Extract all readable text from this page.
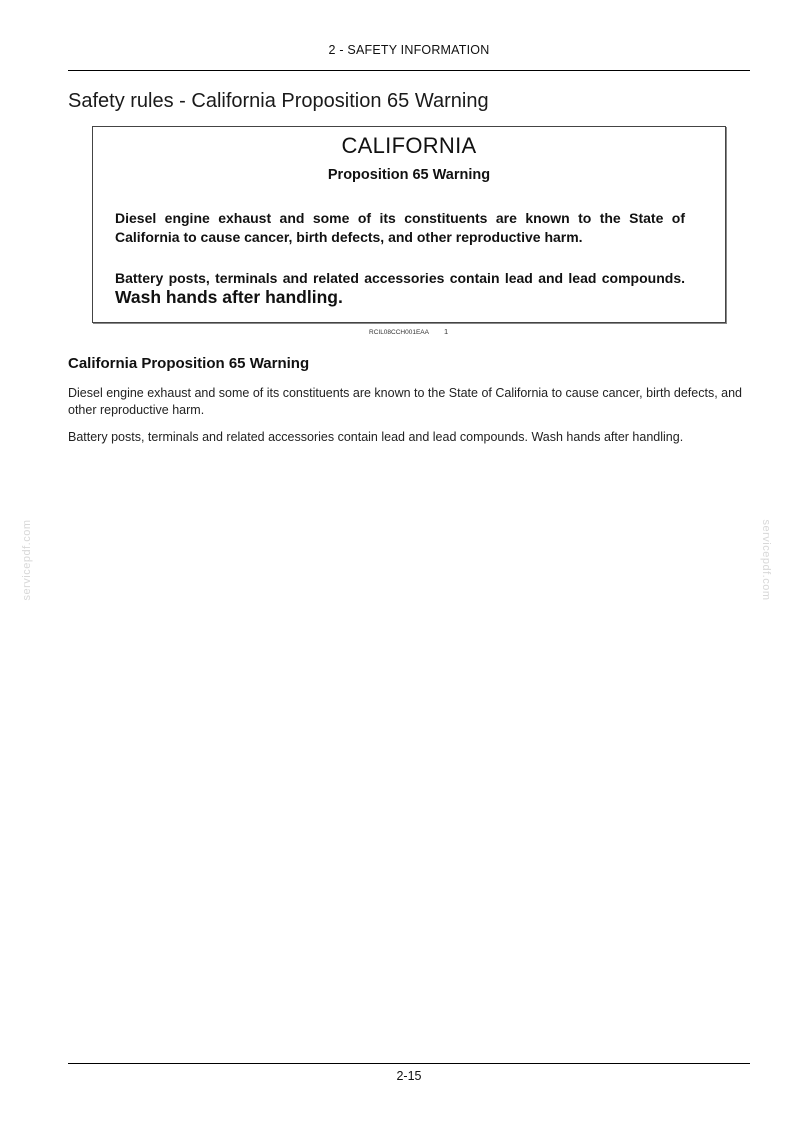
2 - SAFETY INFORMATION
Safety rules - California Proposition 65 Warning
CALIFORNIA
Proposition 65 Warning
Diesel engine exhaust and some of its constituents are known to the State of California to cause cancer, birth defects, and other reproductive harm.
Battery posts, terminals and related accessories contain lead and lead compounds. Wash hands after handling.
RCIL08CCH001EAA 1
California Proposition 65 Warning
Diesel engine exhaust and some of its constituents are known to the State of California to cause cancer, birth defects, and other reproductive harm.
Battery posts, terminals and related accessories contain lead and lead compounds. Wash hands after handling.
servicepdf.com	servicepdf.com
2-15
